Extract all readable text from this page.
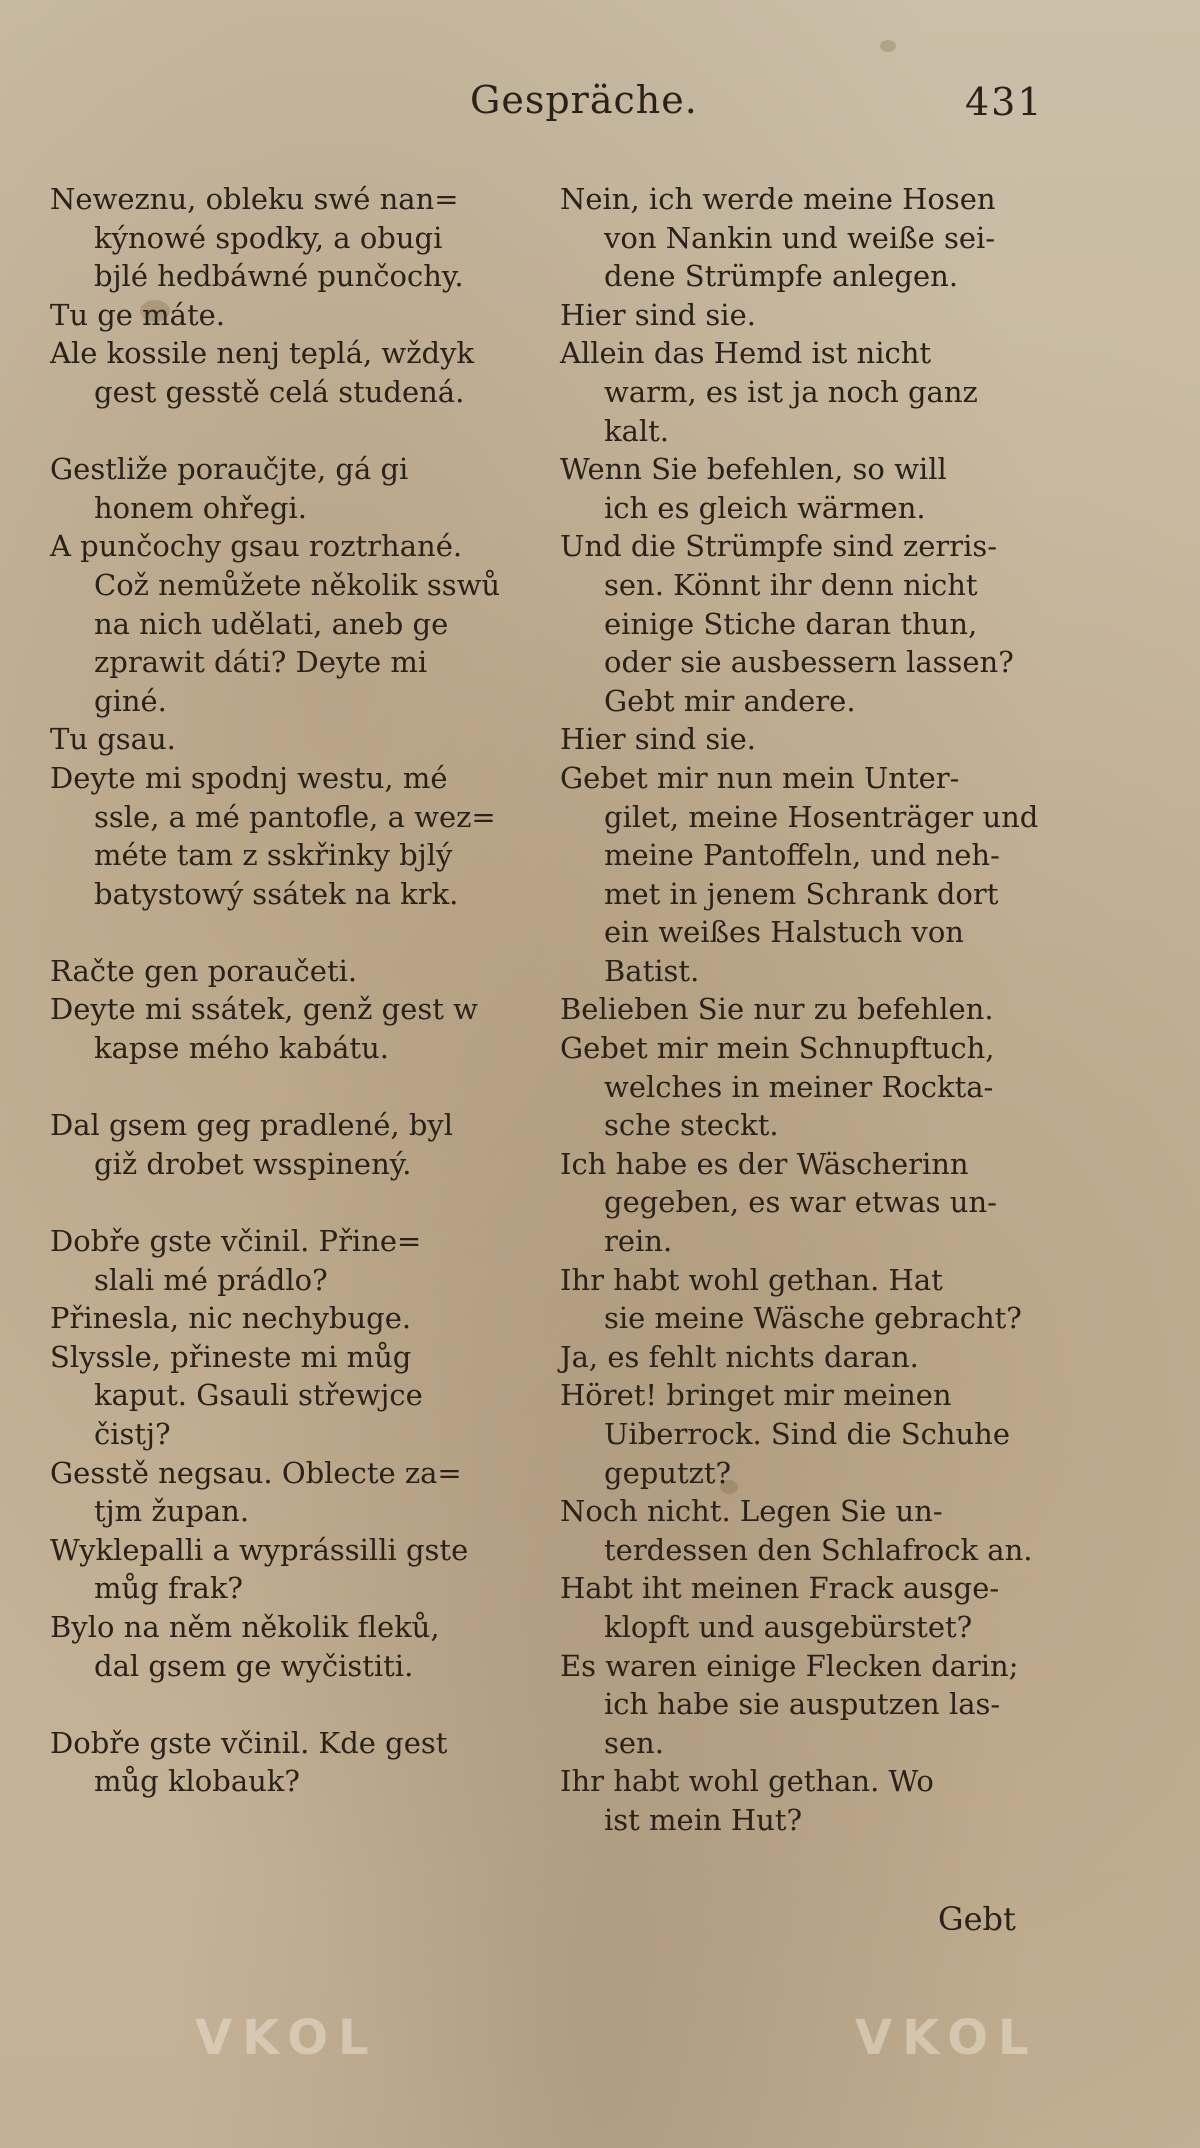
Gespräche.	431
Neweznu, obleku swé nan=
kýnowé spodky, a obugi
bjlé hedbáwné punčochy.
Tu ge máte.
Ale kossile nenj teplá, wždyk
gest gesstě celá studená.

Gestliže poraučjte, gá gi
honem ohřegi.
A punčochy gsau roztrhané.
Což nemůžete několik sswů
na nich udělati, aneb ge
zprawit dáti? Deyte mi
giné.
Tu gsau.
Deyte mi spodnj westu, mé
ssle, a mé pantofle, a wez=
méte tam z sskřinky bjlý
batystowý ssátek na krk.

Račte gen poraučeti.
Deyte mi ssátek, genž gest w
kapse mého kabátu.

Dal gsem geg pradlené, byl
giž drobet wsspinený.

Dobře gste včinil. Přine=
slali mé prádlo?
Přinesla, nic nechybuge.
Slyssle, přineste mi můg
kaput. Gsauli střewjce
čistj?
Gesstě negsau. Oblecte za=
tjm župan.
Wyklepalli a wyprássilli gste
můg frak?
Bylo na něm několik fleků,
dal gsem ge wyčistiti.

Dobře gste včinil. Kde gest
můg klobauk?
Nein, ich werde meine Hosen
von Nankin und weiße sei-
dene Strümpfe anlegen.
Hier sind sie.
Allein das Hemd ist nicht
warm, es ist ja noch ganz
kalt.
Wenn Sie befehlen, so will
ich es gleich wärmen.
Und die Strümpfe sind zerris-
sen. Könnt ihr denn nicht
einige Stiche daran thun,
oder sie ausbessern lassen?
Gebt mir andere.
Hier sind sie.
Gebet mir nun mein Unter-
gilet, meine Hosenträger und
meine Pantoffeln, und neh-
met in jenem Schrank dort
ein weißes Halstuch von
Batist.
Belieben Sie nur zu befehlen.
Gebet mir mein Schnupftuch,
welches in meiner Rockta-
sche steckt.
Ich habe es der Wäscherinn
gegeben, es war etwas un-
rein.
Ihr habt wohl gethan. Hat
sie meine Wäsche gebracht?
Ja, es fehlt nichts daran.
Höret! bringet mir meinen
Uiberrock. Sind die Schuhe
geputzt?
Noch nicht. Legen Sie un-
terdessen den Schlafrock an.
Habt iht meinen Frack ausge-
klopft und ausgebürstet?
Es waren einige Flecken darin;
ich habe sie ausputzen las-
sen.
Ihr habt wohl gethan. Wo
ist mein Hut?
Gebt
VKOL	VKOL
